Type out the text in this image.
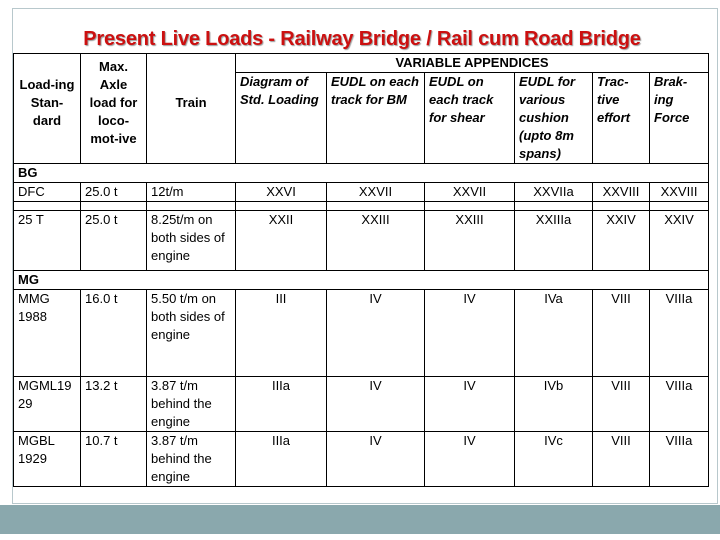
Present Live Loads - Railway Bridge / Rail cum Road Bridge
Load-ing Stan-dard	Max. Axle load for loco-mot-ive	Train	VARIABLE APPENDICES					
			Diagram of Std. Loading	EUDL on each track for BM	EUDL on each track for shear	EUDL for various cushion (upto 8m spans)	Trac-tive effort	Brak-ing Force
BG								
DFC	25.0 t	12t/m	XXVI	XXVII	XXVII	XXVIIa	XXVIII	XXVIII

25 T	25.0 t	8.25t/m on both sides of engine	XXII	XXIII	XXIII	XXIIIa	XXIV	XXIV
MG								
MMG 1988	16.0 t	5.50 t/m on both sides of engine	III	IV	IV	IVa	VIII	VIIIa
MGML1929	13.2 t	3.87 t/m behind the engine	IIIa	IV	IV	IVb	VIII	VIIIa
MGBL 1929	10.7 t	3.87 t/m behind the engine	IIIa	IV	IV	IVc	VIII	VIIIa
